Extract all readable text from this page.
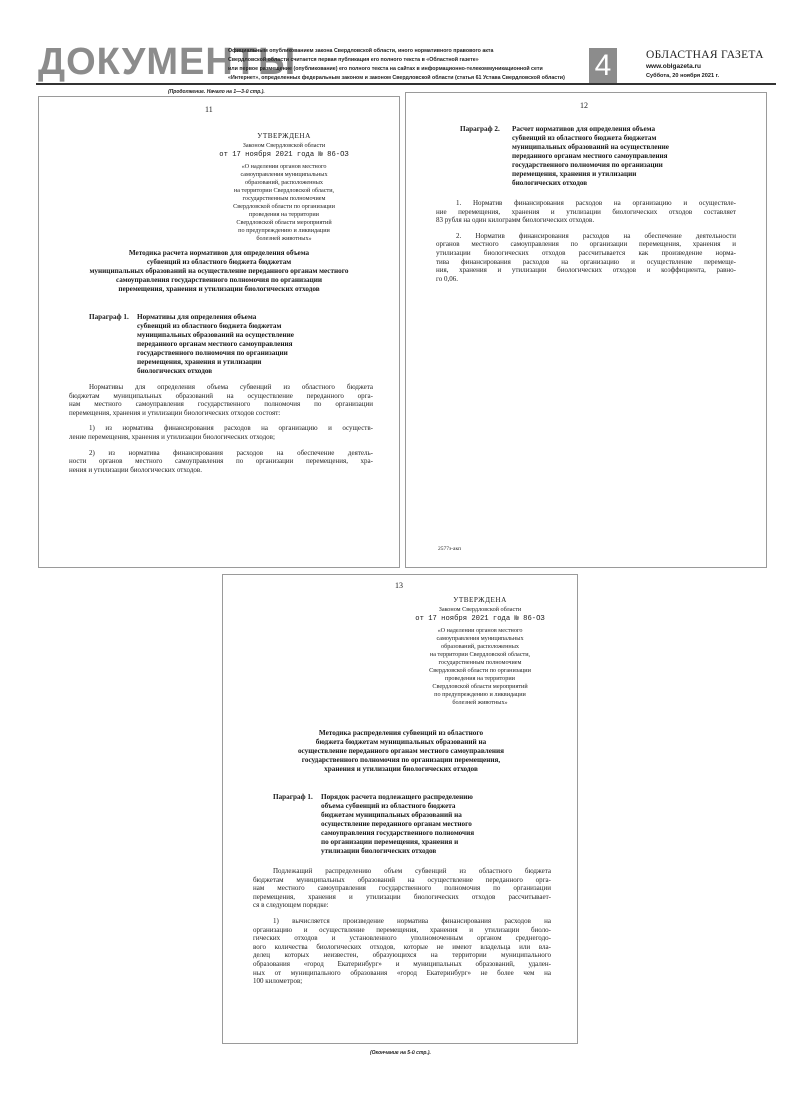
ДОКУМЕНТЫ
Официальным опубликованием закона Свердловской области, иного нормативного правового акта
Свердловской области считается первая публикация его полного текста в «Областной газете»
или первое размещение (опубликование) его полного текста на сайтах в информационно-телекоммуникационной сети
«Интернет», определенных федеральным законом и законом Свердловской области (статья 61 Устава Свердловской области) 4	ОБЛАСТНАЯ ГАЗЕТА
www.oblgazeta.ru
Суббота, 20 ноября 2021 г.
(Продолжение. Начало на 1—3-й стр.).
11
УТВЕРЖДЕНА
Законом Свердловской области
от 17 ноября 2021 года № 86-ОЗ
«О наделении органов местного
самоуправления муниципальных
образований, расположенных
на территории Свердловской области,
государственным полномочием
Свердловской области по организации
проведения на территории
Свердловской области мероприятий
по предупреждению и ликвидации
болезней животных»
Методика расчета нормативов для определения объема
субвенций из областного бюджета бюджетам
муниципальных образований на осуществление переданного органам местного
самоуправления государственного полномочия по организации
перемещения, хранения и утилизации биологических отходов
Параграф 1. Нормативы для определения объема
субвенций из областного бюджета бюджетам
муниципальных образований на осуществление
переданного органам местного самоуправления
государственного полномочия по организации
перемещения, хранения и утилизации
биологических отходов

Нормативы для определения объема субвенций из областного бюджета
бюджетам муниципальных образований на осуществление переданного орга-
нам местного самоуправления государственного полномочия по организации
перемещения, хранения и утилизации биологических отходов состоят:

1) из норматива финансирования расходов на организацию и осуществ-
ление перемещения, хранения и утилизации биологических отходов;

2) из норматива финансирования расходов на обеспечение деятель-
ности органов местного самоуправления по организации перемещения, хра-
нения и утилизации биологических отходов.

12
Параграф 2. Расчет нормативов для определения объема
субвенций из областного бюджета бюджетам
муниципальных образований на осуществление
переданного органам местного самоуправления
государственного полномочия по организации
перемещения, хранения и утилизации
биологических отходов

1. Норматив финансирования расходов на организацию и осуществле-
ние перемещения, хранения и утилизации биологических отходов составляет
83 рубля на один килограмм биологических отходов.

2. Норматив финансирования расходов на обеспечение деятельности
органов местного самоуправления по организации перемещения, хранения и
утилизации биологических отходов рассчитывается как произведение норма-
тива финансирования расходов на организацию и осуществление перемеще-
ния, хранения и утилизации биологических отходов и коэффициента, равно-
го 0,06.

2577з-акп
13
УТВЕРЖДЕНА
Законом Свердловской области
от 17 ноября 2021 года № 86-ОЗ
«О наделении органов местного
самоуправления муниципальных
образований, расположенных
на территории Свердловской области,
государственным полномочием
Свердловской области по организации
проведения на территории
Свердловской области мероприятий
по предупреждению и ликвидации
болезней животных»
Методика распределения субвенций из областного
бюджета бюджетам муниципальных образований на
осуществление переданного органам местного самоуправления
государственного полномочия по организации перемещения,
хранения и утилизации биологических отходов
Параграф 1. Порядок расчета подлежащего распределению
объема субвенций из областного бюджета
бюджетам муниципальных образований на
осуществление переданного органам местного
самоуправления государственного полномочия
по организации перемещения, хранения и
утилизации биологических отходов

Подлежащий распределению объем субвенций из областного бюджета
бюджетам муниципальных образований на осуществление переданного орга-
нам местного самоуправления государственного полномочия по организации
перемещения, хранения и утилизации биологических отходов рассчитывает-
ся в следующем порядке:

1) вычисляется произведение норматива финансирования расходов на
организацию и осуществление перемещения, хранения и утилизации биоло-
гических отходов и установленного уполномоченным органом среднегодо-
вого количества биологических отходов, которые не имеют владельца или вла-
делец которых неизвестен, образующихся на территории муниципального
образования «город Екатеринбург» и муниципальных образований, удален-
ных от муниципального образования «город Екатеринбург» не более чем на
100 километров;

(Окончание на 5-й стр.).
